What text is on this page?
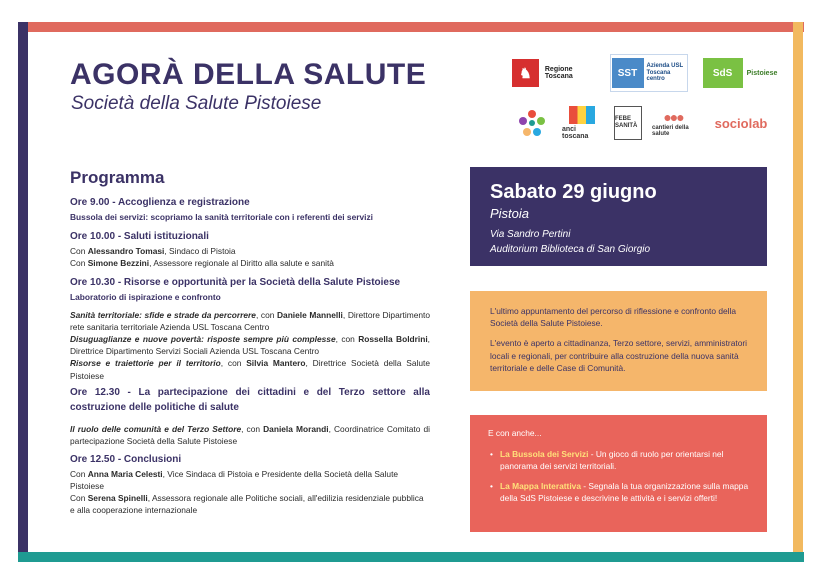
AGORÀ DELLA SALUTE
Società della Salute Pistoiese
♞	Regione Toscana	SST
Azienda USL Toscana centro
SdS	Pistoiese
anci toscana
FEBE SANITÀ
●●●
cantieri della salute
sociolab
Programma
Ore 9.00 - Accoglienza e registrazione
Bussola dei servizi: scopriamo la sanità territoriale con i referenti dei servizi
Ore 10.00 - Saluti istituzionali
Con Alessandro Tomasi, Sindaco di Pistoia
Con Simone Bezzini, Assessore regionale al Diritto alla salute e sanità
Ore 10.30 - Risorse e opportunità per la Società della Salute Pistoiese
Laboratorio di ispirazione e confronto
Sanità territoriale: sfide e strade da percorrere, con Daniele Mannelli, Direttore Dipartimento rete sanitaria territoriale Azienda USL Toscana Centro
Disuguaglianze e nuove povertà: risposte sempre più complesse, con Rossella Boldrini, Direttrice Dipartimento Servizi Sociali Azienda USL Toscana Centro
Risorse e traiettorie per il territorio, con Silvia Mantero, Direttrice Società della Salute Pistoiese
Ore 12.30 - La partecipazione dei cittadini e del Terzo settore alla costruzione delle politiche di salute
Il ruolo delle comunità e del Terzo Settore, con Daniela Morandi, Coordinatrice Comitato di partecipazione Società della Salute Pistoiese
Ore 12.50 - Conclusioni
Con Anna Maria Celesti, Vice Sindaca di Pistoia e Presidente della Società della Salute Pistoiese
Con Serena Spinelli, Assessora regionale alle Politiche sociali, all'edilizia residenziale pubblica e alla cooperazione internazionale
Sabato 29 giugno
Pistoia
Via Sandro Pertini
Auditorium Biblioteca di San Giorgio

L'ultimo appuntamento del percorso di riflessione e confronto della Società della Salute Pistoiese.

L'evento è aperto a cittadinanza, Terzo settore, servizi, amministratori locali e regionali, per contribuire alla costruzione della nuova sanità territoriale e delle Case di Comunità.

E con anche...
• La Bussola dei Servizi - Un gioco di ruolo per orientarsi nel panorama dei servizi territoriali.
• La Mappa Interattiva - Segnala la tua organizzazione sulla mappa della SdS Pistoiese e descrivine le attività e i servizi offerti!
